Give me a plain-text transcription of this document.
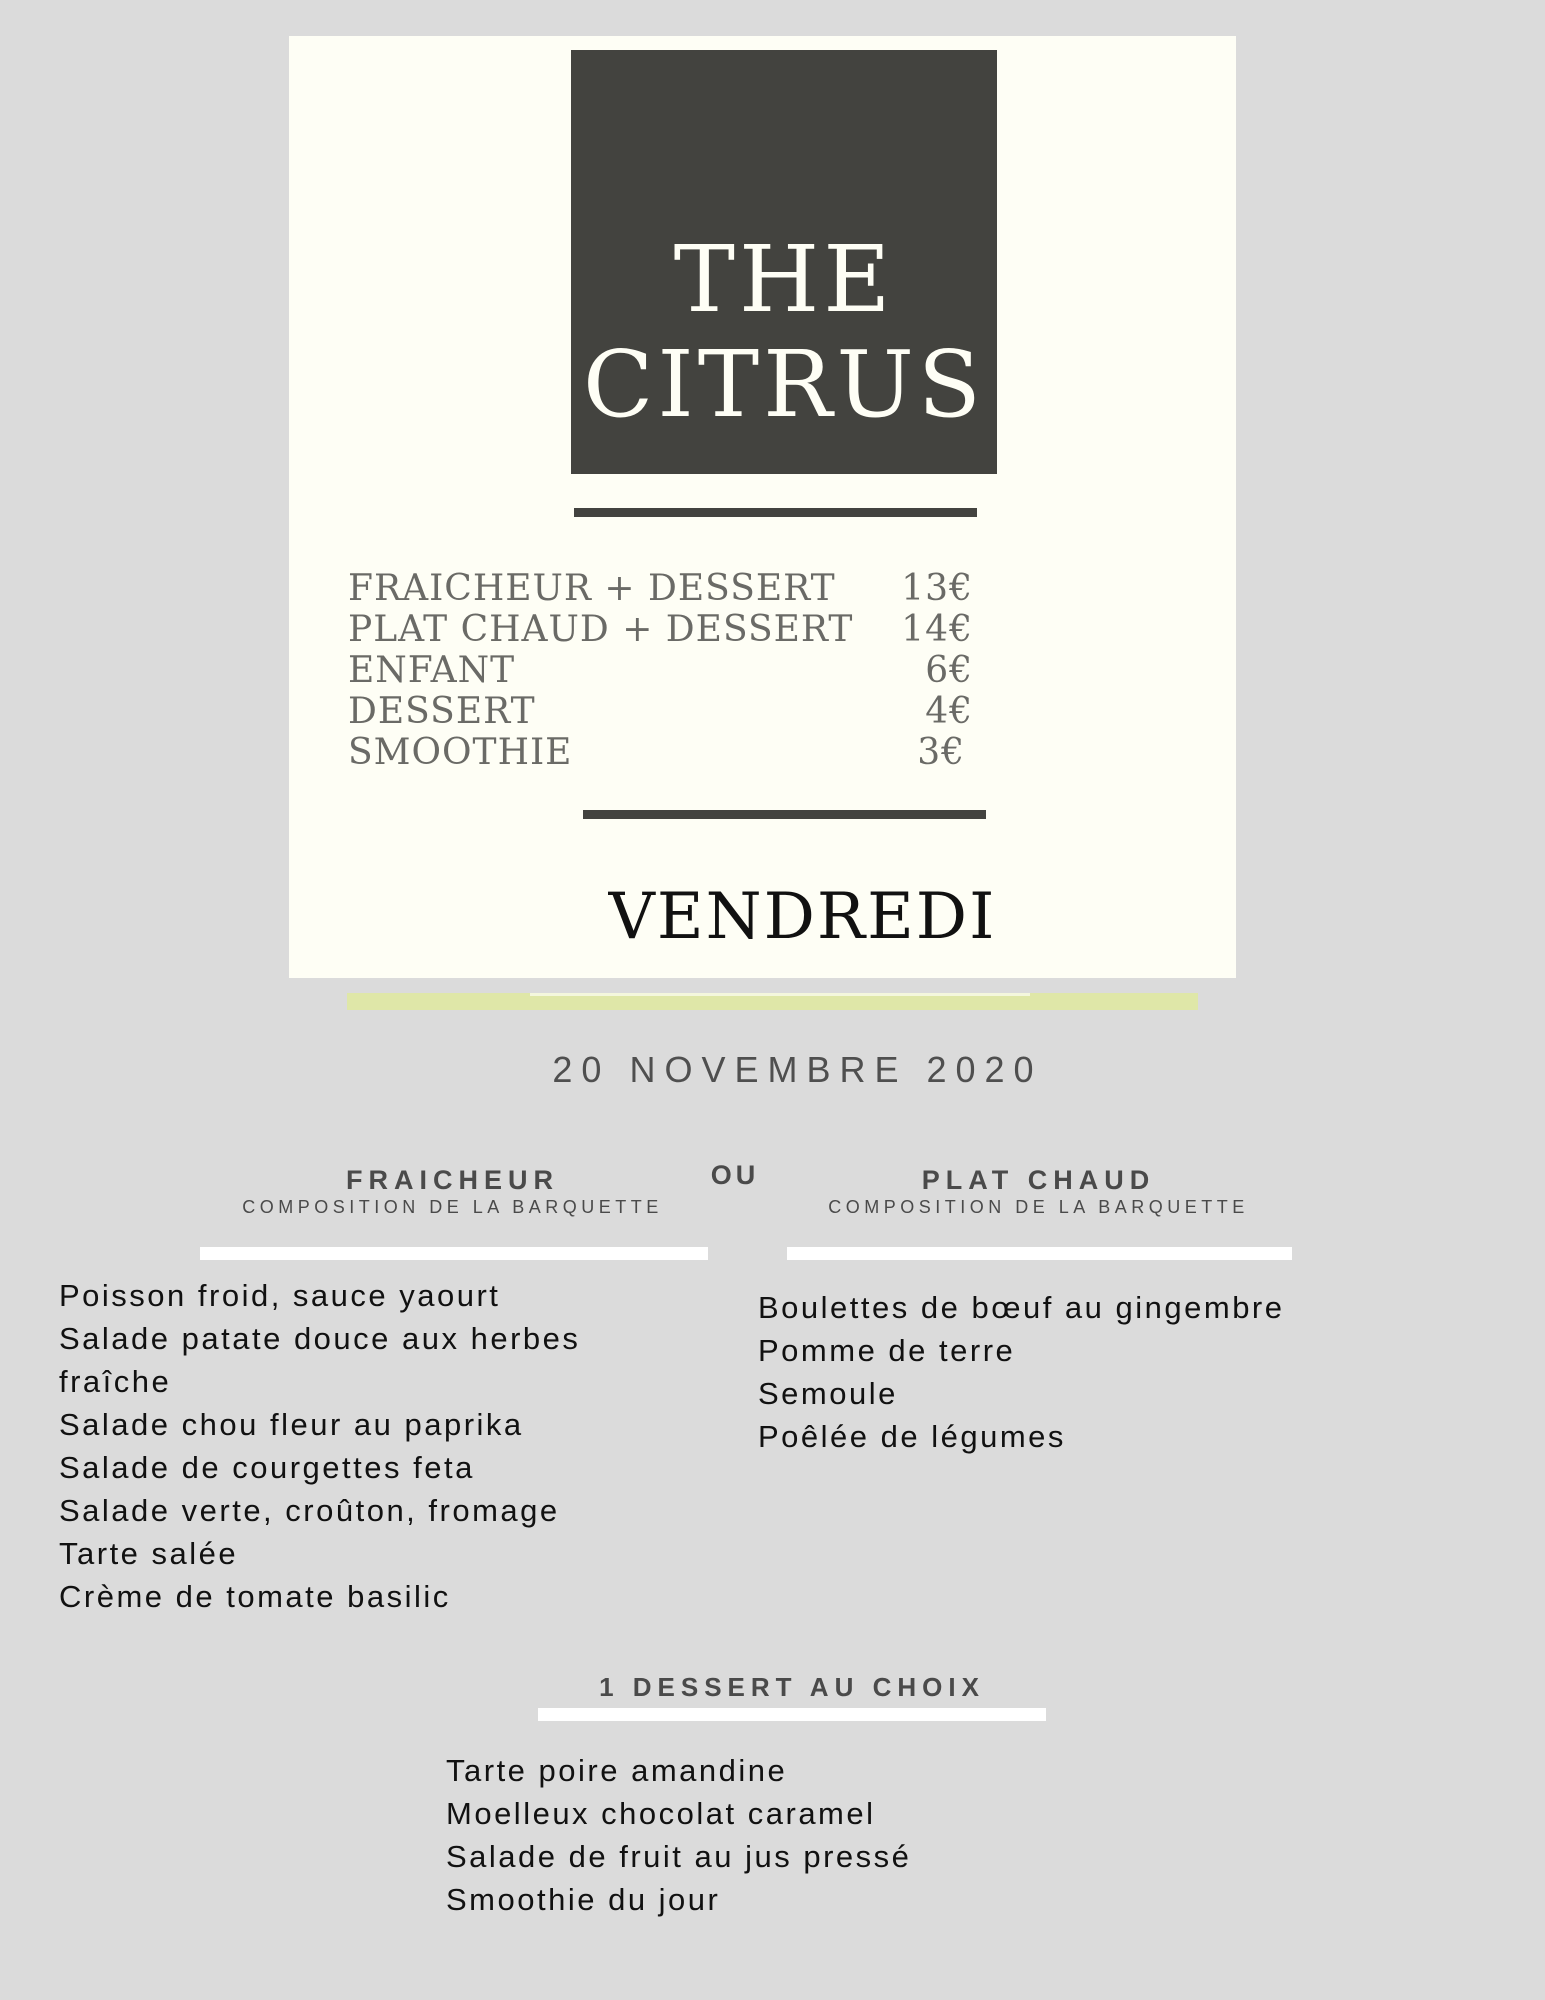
THE
CITRUS
FRAICHEUR + DESSERT	13€
PLAT CHAUD + DESSERT	14€
ENFANT	6€
DESSERT	4€
SMOOTHIE	3€
VENDREDI
20 NOVEMBRE 2020
FRAICHEUR
COMPOSITION DE LA BARQUETTE
OU	PLAT CHAUD
COMPOSITION DE LA BARQUETTE
Poisson froid, sauce yaourt
Salade patate douce aux herbes fraîche
Salade chou fleur au paprika
Salade de courgettes feta
Salade verte, croûton, fromage
Tarte salée
Crème de tomate basilic
Boulettes de bœuf au gingembre
Pomme de terre
Semoule
Poêlée de légumes
1 DESSERT AU CHOIX
Tarte poire amandine
Moelleux chocolat caramel
Salade de fruit au jus pressé
Smoothie du jour
